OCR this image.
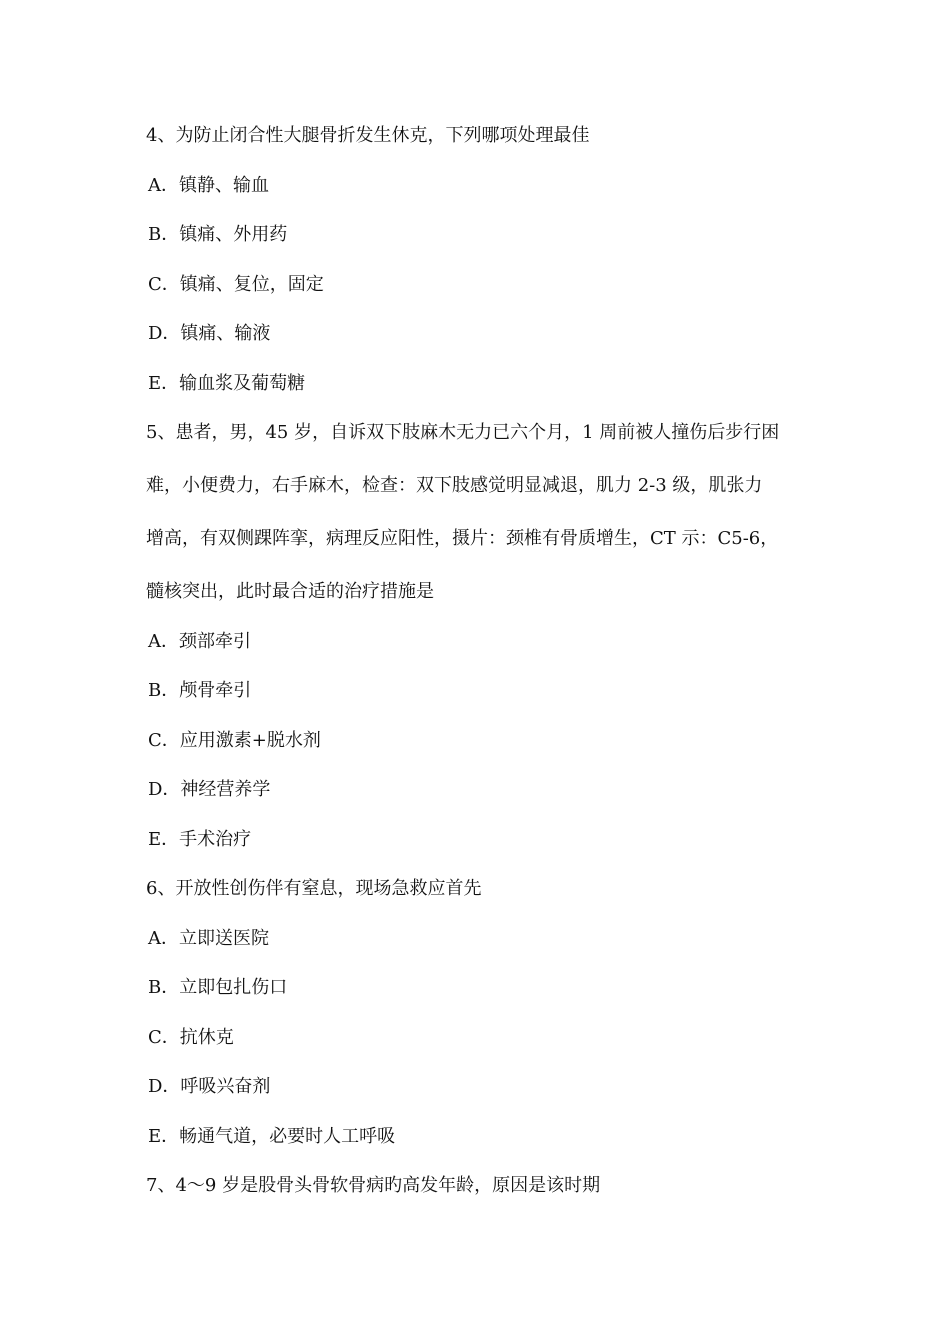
4、为防止闭合性大腿骨折发生休克，下列哪项处理最佳
A．镇静、输血
B．镇痛、外用药
C．镇痛、复位，固定
D．镇痛、输液
E．输血浆及葡萄糖

5、患者，男，45 岁，自诉双下肢麻木无力已六个月，1 周前被人撞伤后步行困

难，小便费力，右手麻木，检查：双下肢感觉明显减退，肌力 2-3 级，肌张力

增高，有双侧踝阵挛，病理反应阳性，摄片：颈椎有骨质增生，CT 示：C5-6，

髓核突出，此时最合适的治疗措施是

A．颈部牵引
B．颅骨牵引
C．应用激素+脱水剂
D．神经营养学
E．手术治疗
6、开放性创伤伴有窒息，现场急救应首先
A．立即送医院
B．立即包扎伤口
C．抗休克
D．呼吸兴奋剂
E．畅通气道，必要时人工呼吸
7、4～9 岁是股骨头骨软骨病旳高发年龄，原因是该时期
